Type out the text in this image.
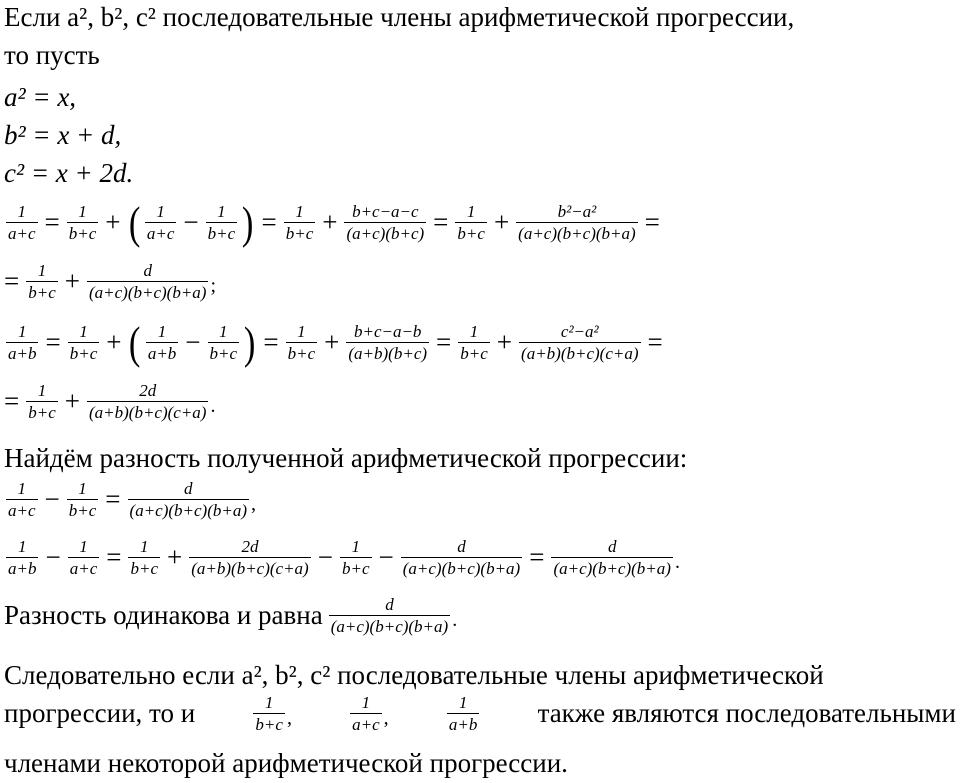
Если a², b², c² последовательные члены арифметической прогрессии,
то пусть
a² = x,
b² = x + d,
c² = x + 2d.
$\frac{1}{a+c} = \frac{1}{b+c}$ + ( $\frac{1}{a+c} - \frac{1}{b+c}$ ) = $\frac{1}{b+c} + \frac{b+c-a-c}{(a+c)(b+c)} = \frac{1}{b+c} + \frac{\text{b²−a²}}{(a+c)(b+c)(b+a)}$ =
= $\frac{1}{b+c} + \frac{d}{(a+c)(b+c)(b+a)}$ ;
$\frac{1}{a+b} = \frac{1}{b+c}$ + ( $\frac{1}{a+b} - \frac{1}{b+c}$ ) = $\frac{1}{b+c} + \frac{b+c-a-b}{(a+b)(b+c)} = \frac{1}{b+c} + \frac{\text{c²−a²}}{(a+b)(b+c)(c+a)}$ =
= $\frac{1}{b+c} + \frac{2d}{(a+b)(b+c)(c+a)}$ .
Найдём разность полученной арифметической прогрессии:
$\frac{1}{a+c} - \frac{1}{b+c} = \frac{d}{(a+c)(b+c)(b+a)}$ ,
$\frac{1}{a+b} - \frac{1}{a+c} = \frac{1}{b+c} + \frac{2d}{(a+b)(b+c)(c+a)} - \frac{1}{b+c} - \frac{d}{(a+c)(b+c)(b+a)} = \frac{d}{(a+c)(b+c)(b+a)}$ .
Разность одинакова и равна $\frac{d}{(a+c)(b+c)(b+a)}$ .
Следовательно если a², b², c² последовательные члены арифметической
прогрессии, то и	$\frac{1}{b+c}$ ,	$\frac{1}{a+c}$ ,	$\frac{1}{a+b}$ также являются последовательными
членами некоторой арифметической прогрессии.
